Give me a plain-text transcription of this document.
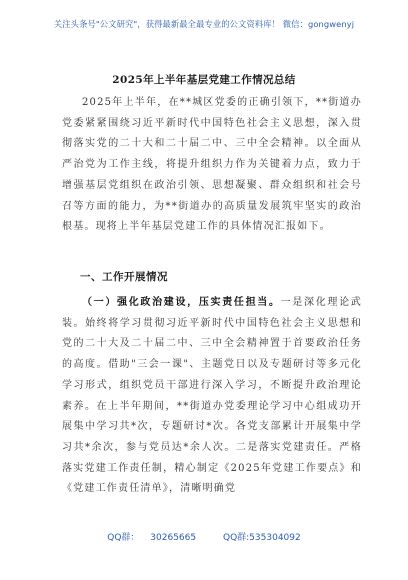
关注头条号"公文研究"，获得最新最全最专业的公文资料库！ 微信：gongwenyj
2025年上半年基层党建工作情况总结

2025年上半年，在**城区党委的正确引领下，**街道办党委紧紧围绕习近平新时代中国特色社会主义思想，深入贯彻落实党的二十大和二十届二中、三中全会精神。以全面从严治党为工作主线，将提升组织力作为关键着力点，致力于增强基层党组织在政治引领、思想凝聚、群众组织和社会号召等方面的能力，为**街道办的高质量发展筑牢坚实的政治根基。现将上半年基层党建工作的具体情况汇报如下。

一、工作开展情况

（一）强化政治建设，压实责任担当。一是深化理论武装。始终将学习贯彻习近平新时代中国特色社会主义思想和党的二十大及二十届二中、三中全会精神置于首要政治任务的高度。借助"三会一课"、主题党日以及专题研讨等多元化学习形式，组织党员干部进行深入学习，不断提升政治理论素养。在上半年期间，**街道办党委理论学习中心组成功开展集中学习共*次，专题研讨*次。各党支部累计开展集中学习共*余次，参与党员达*余人次。二是落实党建责任。严格落实党建工作责任制，精心制定《2025年党建工作要点》和《党建工作责任清单》，清晰明确党

QQ群： 30265665	QQ群:535304092
